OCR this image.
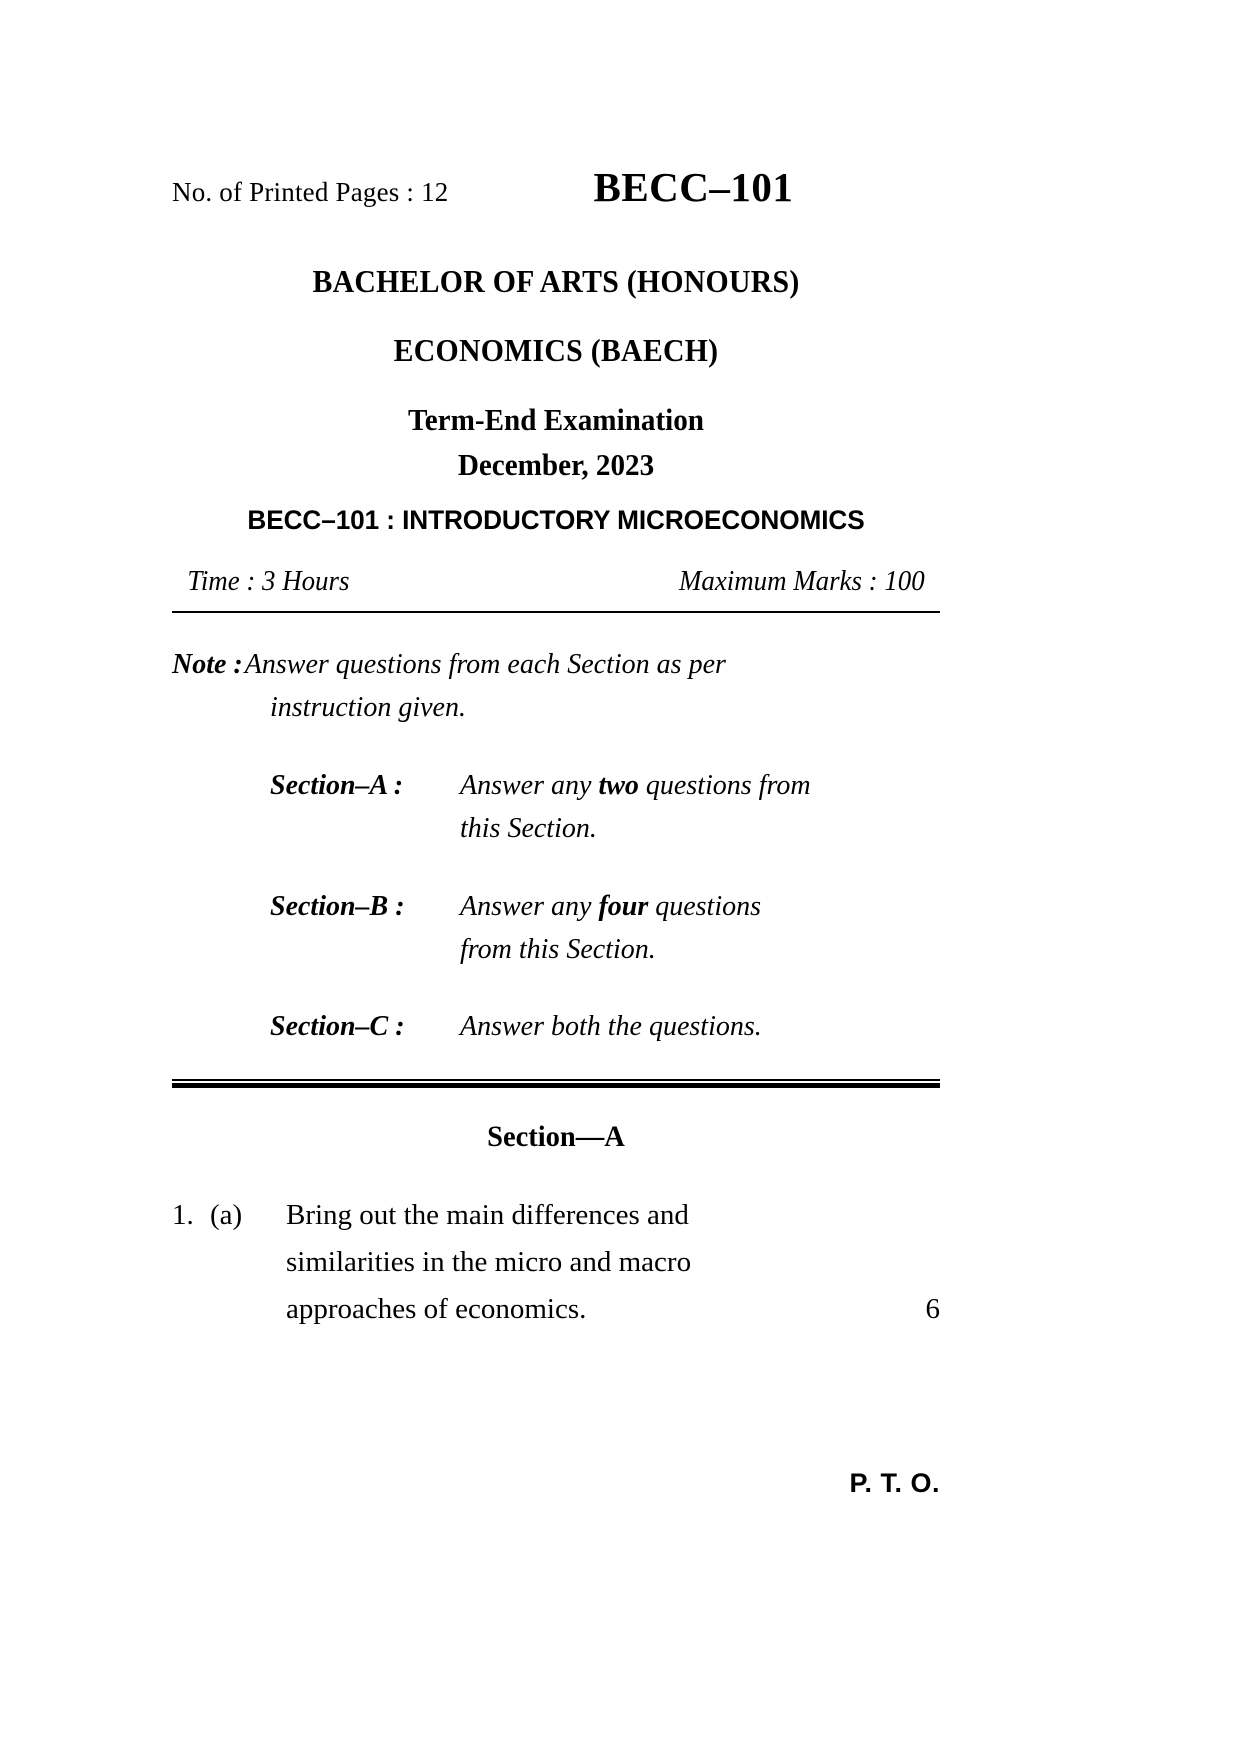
No. of Printed Pages : 12	BECC–101
BACHELOR OF ARTS (HONOURS)
ECONOMICS (BAECH)
Term-End Examination
December, 2023
BECC–101 : INTRODUCTORY MICROECONOMICS
Time : 3 Hours	Maximum Marks : 100
Note : Answer questions from each Section as per
instruction given.
Section–A :	Answer any two questions from
this Section.
Section–B :	Answer any four questions
from this Section.
Section–C :	Answer both the questions.
Section—A
1. (a)	Bring out the main differences and
similarities in the micro and macro
approaches of economics.	6
P. T. O.
